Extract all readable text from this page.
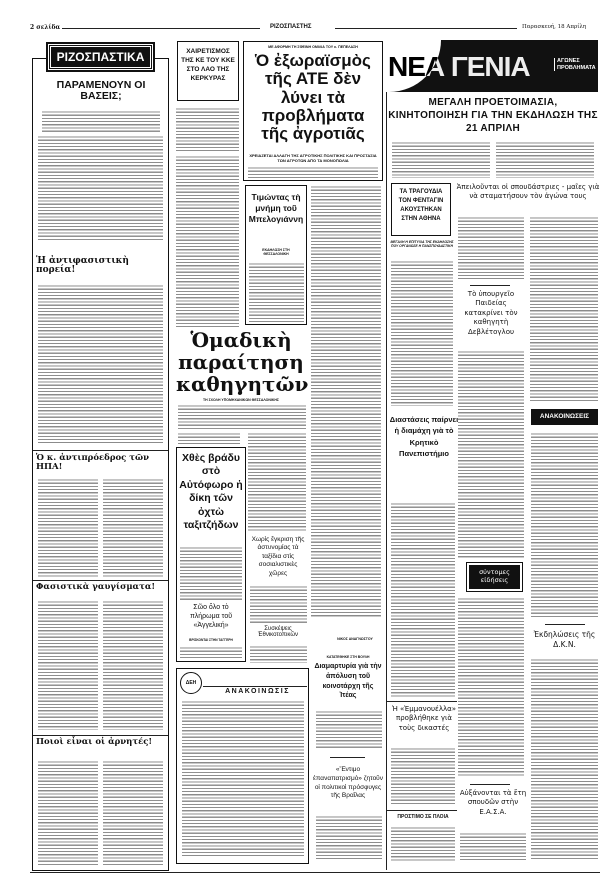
2 σελίδα	ΡΙΖΟΣΠΑΣΤΗΣ	Παρασκευή, 18 Απρίλη
ΡΙΖΟΣΠΑΣΤΙΚΑ
ΠΑΡΑΜΕΝΟΥΝ ΟΙ ΒΑΣΕΙΣ;
Ἡ ἀντιφασιστικὴ πορεία!
Ὁ κ. ἀντιπρόεδρος τῶν ΗΠΑ!
Φασιστικὰ γαυγίσματα!
Ποιοὶ εἶναι οἱ ἀρνητές!
ΧΑΙΡΕΤΙΣΜΟΣ ΤΗΣ ΚΕ ΤΟΥ ΚΚΕ ΣΤΟ ΛΑΟ ΤΗΣ ΚΕΡΚΥΡΑΣ
ΜΕ ΑΦΟΡΜΗ ΤΗ ΣΦΕΙΝΗ ΟΜΙΛΙΑ ΤΟΥ κ. ΠΕΠΕΛΑΣΗ
Ὁ ἐξωραϊσμὸς τῆς ΑΤΕ δὲν λύνει τὰ προβλήματα τῆς ἀγροτιᾶς
ΧΡΕΙΑΖΕΤΑΙ ΑΛΛΑΓΗ ΤΗΣ ΑΓΡΟΤΙΚΗΣ ΠΟΛΙΤΙΚΗΣ ΚΑΙ ΠΡΟΣΤΑΣΙΑ ΤΩΝ ΑΓΡΟΤΩΝ ΑΠΟ ΤΑ ΜΟΝΟΠΩΛΙΑ
Τιμώντας τὴ μνήμη τοῦ Μπελογιάννη
ΕΚΔΗΛΩΣΗ ΣΤΗ ΘΕΣΣΑΛΟΝΙΚΗ
ΝΙΚΟΣ ΑΝΑΓΝΩΣΤΟΥ
Ὁμαδικὴ παραίτηση καθηγητῶν
ΤΗ ΣΧΟΛΗ ΥΠΟΜΗΧΑΝΙΚΩΝ ΘΕΣΣΑΛΟΝΙΚΗΣ
Χθὲς βράδυ στὸ Αὐτόφωρο ἡ δίκη τῶν ὀχτὼ ταξιτζήδων
Σῶο ὅλο τὸ πλήρωμα τοῦ «Ἀγγελική»
ΒΡΙΣΚΟΝΤΑΙ ΣΤΗΝ ΤΑΓΓΕΡΗ
Χωρὶς ἔγκριση τῆς ἀστυνομίας τὰ ταξίδια στὶς σοσιαλιστικὲς χῶρες
Συσκέψεις Ἐθνικοτοπικῶν
ΔΕΗ
ΑΝΑΚΟΙΝΩΣΙΣ
ΚΑΤΑΤΕΘΗΚΕ ΣΤΗ ΒΟΥΛΗ
Διαμαρτυρία γιὰ τὴν ἀπόλυση τοῦ κοινοτάρχη τῆς Ἰτέας
«Ἔντιμο ἐπαναπατρισμὸ» ζητοῦν οἱ πολιτικοὶ πρόσφυγες τῆς Βραΐλας
ΝΕΑ ΓΕΝΙΑ	ΑΓΩΝΕΣ ΠΡΟΒΛΗΜΑΤΑ
ΜΕΓΑΛΗ ΠΡΟΕΤΟΙΜΑΣΙΑ, ΚΙΝΗΤΟΠΟΙΗΣΗ ΓΙΑ ΤΗΝ ΕΚΔΗΛΩΣΗ ΤΗΣ 21 ΑΠΡΙΛΗ
ΤΑ ΤΡΑΓΟΥΔΙΑ ΤΟΝ ΦΕΝΤΑΓΙΝ ΑΚΟΥΣΤΗΚΑΝ ΣΤΗΝ ΑΘΗΝΑ
ΜΕΓΑΛΗ Η ΕΠΙΤΥΧΙΑ ΤΗΣ ΕΚΔΗΛΩΣΗΣ ΠΟΥ ΟΡΓΑΝΩΣΕ Η ΠΑΝΣΠΟΥΔΑΣΤΙΚΗ
Ἀπειλοῦνται οἱ σπουδάστριες - μαῖες γιὰ νὰ σταματήσουν τὸν ἀγώνα τους
Τὸ ὑπουργεῖο Παιδείας κατακρίνει τὸν καθηγητὴ Δεβλέτογλου
Διαστάσεις παίρνει ἡ διαμάχη γιὰ τὸ Κρητικὸ Πανεπιστήμιο
σύντομες εἰδήσεις
ΑΝΑΚΟΙΝΩΣΕΙΣ
Ἐκδηλώσεις τῆς Δ.Κ.Ν.
Ἡ «Ἐμμανουέλλα» προβλήθηκε γιὰ τοὺς δικαστές
ΠΡΟΣΤΙΜΟ ΣΕ ΠΛΟΙΑ
Αὐξάνονται τὰ ἔτη σπουδῶν στὴν Ε.Α.Σ.Α.
